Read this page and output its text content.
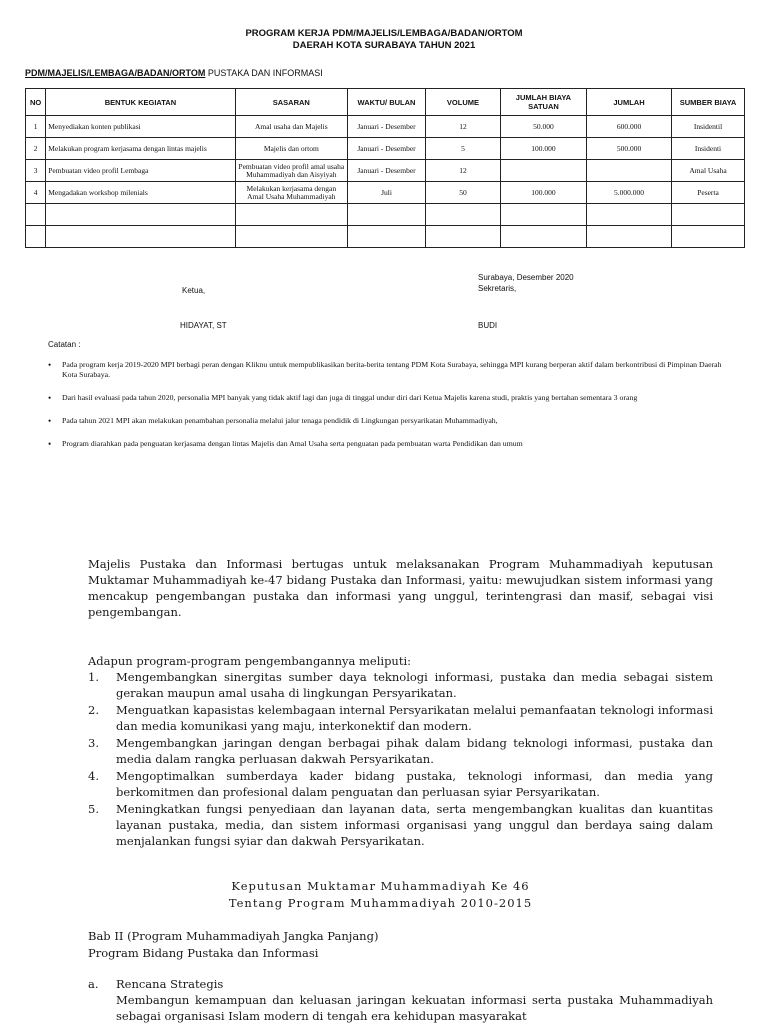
PROGRAM KERJA PDM/MAJELIS/LEMBAGA/BADAN/ORTOM
DAERAH KOTA SURABAYA TAHUN 2021
PDM/MAJELIS/LEMBAGA/BADAN/ORTOM PUSTAKA DAN INFORMASI
NO	BENTUK KEGIATAN	SASARAN	WAKTU/ BULAN	VOLUME	JUMLAH BIAYA SATUAN	JUMLAH	SUMBER BIAYA
1	Menyediakan konten publikasi	Amal usaha dan Majelis	Januari - Desember	12	50.000	600.000	Insidentil
2	Melakukan program kerjasama dengan lintas majelis	Majelis dan ortom	Januari - Desember	5	100.000	500.000	Insidenti
3	Pembuatan video profil Lembaga	Pembuatan video profil amal usaha Muhammadiyah dan Aisyiyah	Januari - Desember	12			Amal Usaha
4	Mengadakan workshop milenials	Melakukan kerjasama dengan Amal Usaha Muhammadiyah	Juli	50	100.000	5.000.000	Peserta

Surabaya, Desember 2020
Ketua,	Sekretaris,
HIDAYAT, ST	BUDI
Catatan :
• Pada program kerja 2019-2020 MPI berbagi peran dengan Kliknu untuk mempublikasikan berita-berita tentang PDM Kota Surabaya, sehingga MPI kurang berperan aktif dalam berkontribusi di Pimpinan Daerah Kota Surabaya.
• Dari hasil evaluasi pada tahun 2020, personalia MPI banyak yang tidak aktif lagi dan juga di tinggal undur diri dari Ketua Majelis karena studi, praktis yang bertahan sementara 3 orang
• Pada tahun 2021 MPI akan melakukan penambahan personalia melalui jalur tenaga pendidik di Lingkungan persyarikatan Muhammadiyah,
• Program diarahkan pada penguatan kerjasama dengan lintas Majelis dan Amal Usaha serta penguatan pada pembuatan warta Pendidikan dan umum
Majelis Pustaka dan Informasi bertugas untuk melaksanakan Program Muhammadiyah keputusan Muktamar Muhammadiyah ke-47 bidang Pustaka dan Informasi, yaitu: mewujudkan sistem informasi yang mencakup pengembangan pustaka dan informasi yang unggul, terintengrasi dan masif, sebagai visi pengembangan.
Adapun program-program pengembangannya meliputi:
1. Mengembangkan sinergitas sumber daya teknologi informasi, pustaka dan media sebagai sistem gerakan maupun amal usaha di lingkungan Persyarikatan.
2. Menguatkan kapasistas kelembagaan internal Persyarikatan melalui pemanfaatan teknologi informasi dan media komunikasi yang maju, interkonektif dan modern.
3. Mengembangkan jaringan dengan berbagai pihak dalam bidang teknologi informasi, pustaka dan media dalam rangka perluasan dakwah Persyarikatan.
4. Mengoptimalkan sumberdaya kader bidang pustaka, teknologi informasi, dan media yang berkomitmen dan profesional dalam penguatan dan perluasan syiar Persyarikatan.
5. Meningkatkan fungsi penyediaan dan layanan data, serta mengembangkan kualitas dan kuantitas layanan pustaka, media, dan sistem informasi organisasi yang unggul dan berdaya saing dalam menjalankan fungsi syiar dan dakwah Persyarikatan.
Keputusan Muktamar Muhammadiyah Ke 46
Tentang Program Muhammadiyah 2010-2015
Bab II (Program Muhammadiyah Jangka Panjang)
Program Bidang Pustaka dan Informasi
a. Rencana Strategis
Membangun kemampuan dan keluasan jaringan kekuatan informasi serta pustaka Muhammadiyah sebagai organisasi Islam modern di tengah era kehidupan masyarakat
